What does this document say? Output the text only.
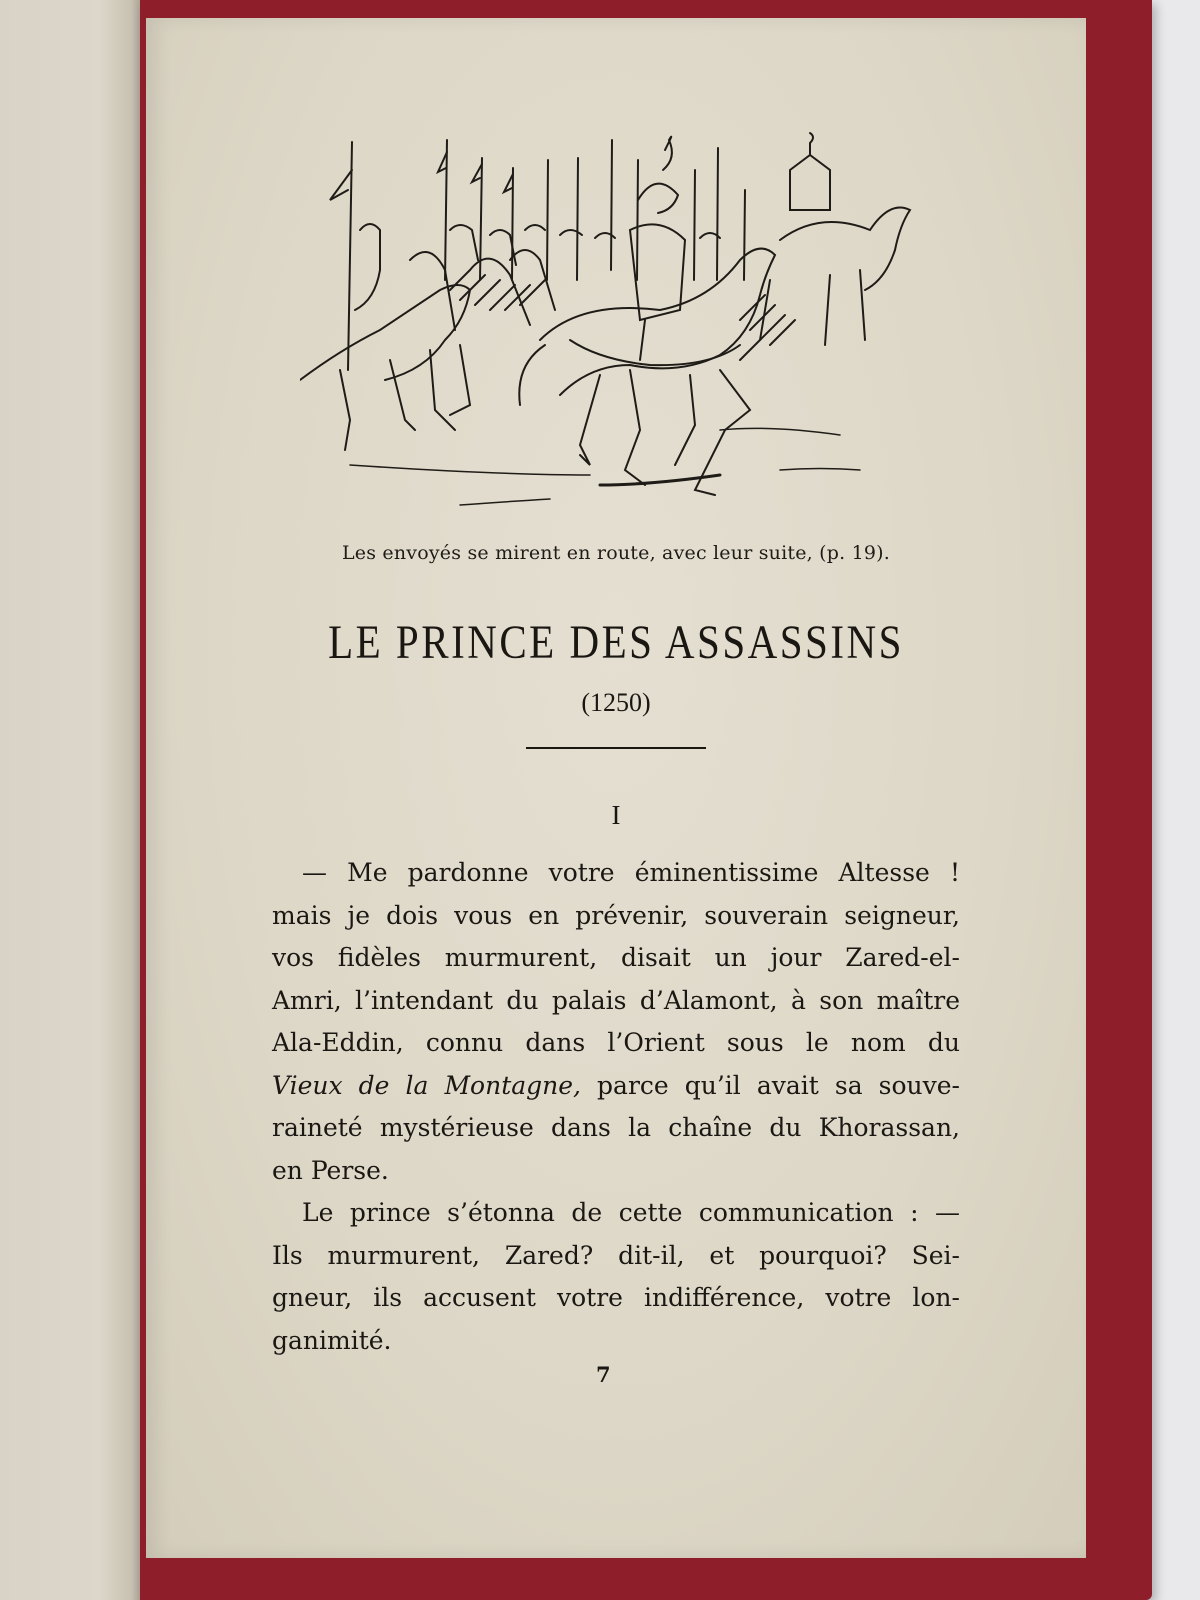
Les envoyés se mirent en route, avec leur suite, (p. 19).
LE PRINCE DES ASSASSINS
(1250)
I
— Me pardonne votre éminentissime Altesse !
mais je dois vous en prévenir, souverain seigneur,
vos fidèles murmurent, disait un jour Zared-el-
Amri, l’intendant du palais d’Alamont, à son maître
Ala-Eddin, connu dans l’Orient sous le nom du
Vieux de la Montagne, parce qu’il avait sa souve-
raineté mystérieuse dans la chaîne du Khorassan,
en Perse.
Le prince s’étonna de cette communication : —
Ils murmurent, Zared? dit-il, et pourquoi? Sei-
gneur, ils accusent votre indifférence, votre lon-
ganimité.
7
